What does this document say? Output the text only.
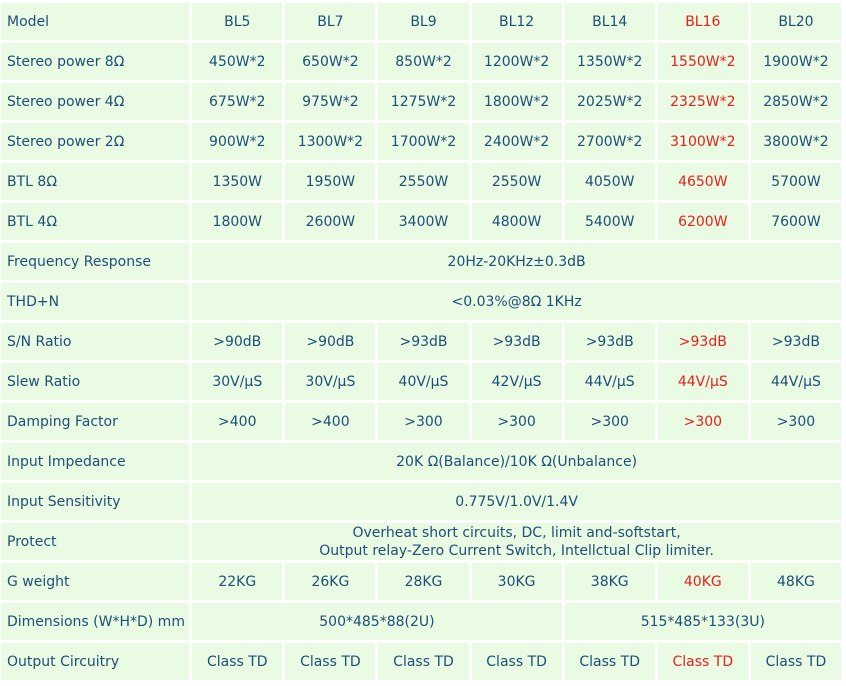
Model	BL5	BL7	BL9	BL12	BL14	BL16	BL20
Stereo power 8Ω	450W*2	650W*2	850W*2	1200W*2	1350W*2	1550W*2	1900W*2
Stereo power 4Ω	675W*2	975W*2	1275W*2	1800W*2	2025W*2	2325W*2	2850W*2
Stereo power 2Ω	900W*2	1300W*2	1700W*2	2400W*2	2700W*2	3100W*2	3800W*2
BTL 8Ω	1350W	1950W	2550W	2550W	4050W	4650W	5700W
BTL 4Ω	1800W	2600W	3400W	4800W	5400W	6200W	7600W
Frequency Response	20Hz-20KHz±0.3dB						
THD+N	<0.03%@8Ω 1KHz						
S/N Ratio	>90dB	>90dB	>93dB	>93dB	>93dB	>93dB	>93dB
Slew Ratio	30V/μS	30V/μS	40V/μS	42V/μS	44V/μS	44V/μS	44V/μS
Damping Factor	>400	>400	>300	>300	>300	>300	>300
Input Impedance	20K Ω(Balance)/10K Ω(Unbalance)						
Input Sensitivity	0.775V/1.0V/1.4V						
Protect	Overheat short circuits, DC, limit and-softstart,
Output relay-Zero Current Switch, Intellctual Clip limiter.						

G weight	22KG	26KG	28KG	30KG	38KG	40KG	48KG
Dimensions (W*H*D) mm	500*485*88(2U)				515*485*133(3U)		
Output Circuitry	Class TD	Class TD	Class TD	Class TD	Class TD	Class TD	Class TD
